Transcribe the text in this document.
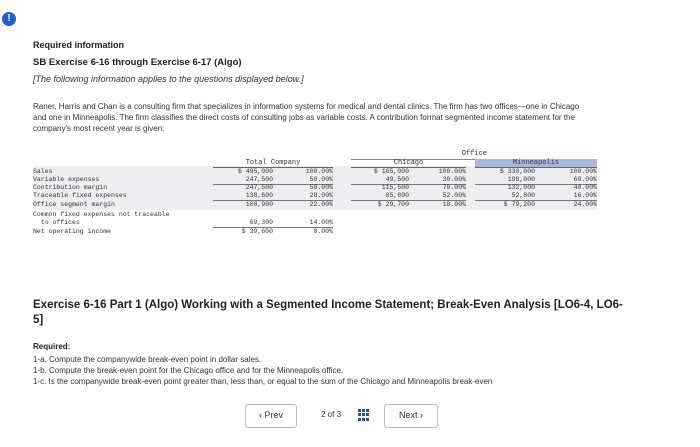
!
Required information
SB Exercise 6-16 through Exercise 6-17 (Algo)
[The following information applies to the questions displayed below.]
Raner, Harris and Chan is a consulting firm that specializes in information systems for medical and dental clinics. The firm has two offices—one in Chicago and one in Minneapolis. The firm classifies the direct costs of consulting jobs as variable costs. A contribution format segmented income statement for the company's most recent year is given:
Office
Total Company	Chicago	Minneapolis
Sales	$ 495,000	100.00%	$ 165,000	100.00%	$ 330,000	100.00%
Variable expenses	247,500	50.00%	49,500	30.00%	198,000	60.00%
Contribution margin	247,500	50.00%	115,500	70.00%	132,000	40.00%
Traceable fixed expenses	138,600	28.00%	85,800	52.00%	52,800	16.00%
Office segment margin	108,900	22.00%	$ 29,700	18.00%	$ 79,200	24.00%
Common fixed expenses not traceable
to offices	69,300	14.00%
Net operating income	$ 39,600	8.00%
Exercise 6-16 Part 1 (Algo) Working with a Segmented Income Statement; Break-Even Analysis [LO6-4, LO6-5]
Required:
1-a. Compute the companywide break-even point in dollar sales.
1-b. Compute the break-even point for the Chicago office and for the Minneapolis office.
1-c. Is the companywide break-even point greater than, less than, or equal to the sum of the Chicago and Minneapolis break-even
‹ Prev	2 of 3	Next ›
